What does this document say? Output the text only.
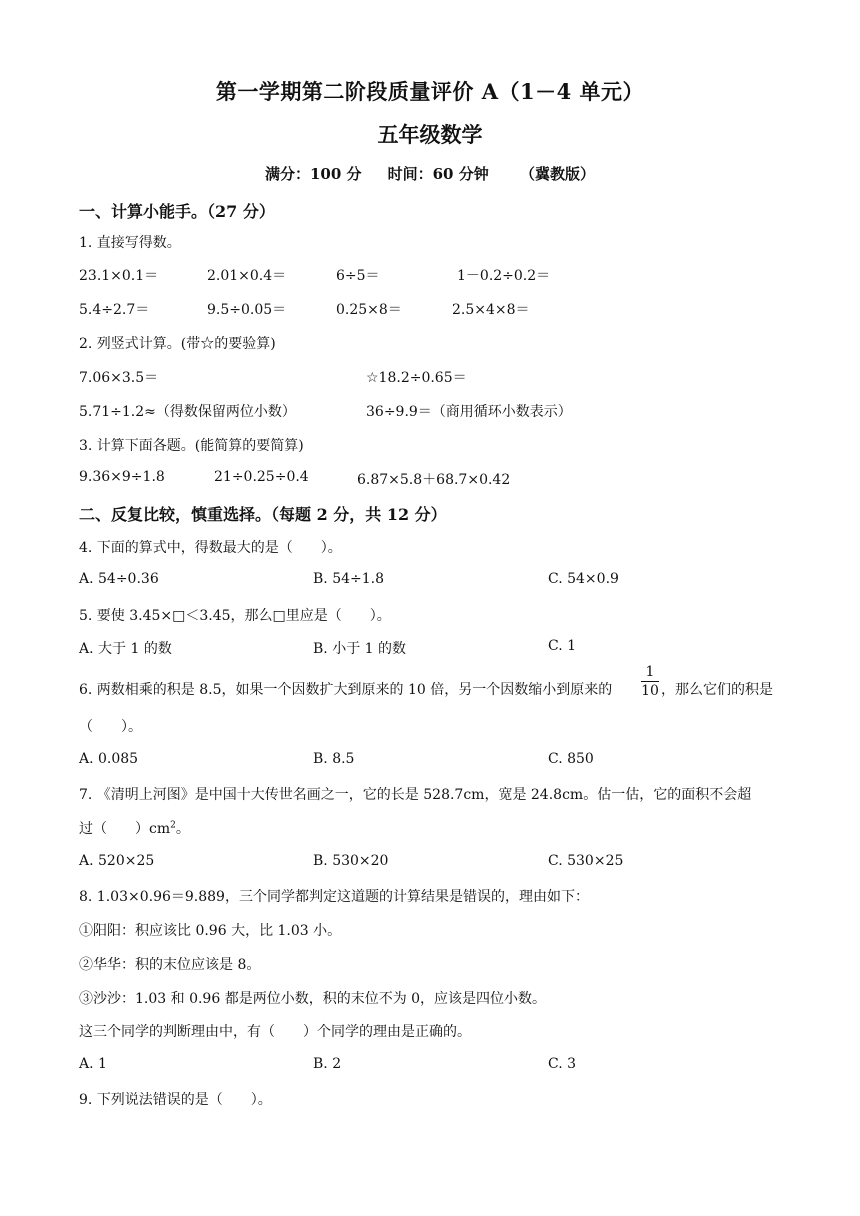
第一学期第二阶段质量评价 A（1－4 单元）
五年级数学
满分：100 分     时间：60 分钟      （冀教版）
一、计算小能手。（27 分）
1. 直接写得数。
23.1×0.1＝	2.01×0.4＝	6÷5＝	1－0.2÷0.2＝
5.4÷2.7＝	9.5÷0.05＝	0.25×8＝	2.5×4×8＝
2. 列竖式计算。(带☆的要验算)
7.06×3.5＝	☆18.2÷0.65＝
5.71÷1.2≈（得数保留两位小数）	36÷9.9＝（商用循环小数表示）
3. 计算下面各题。(能简算的要简算)
9.36×9÷1.8	21÷0.25÷0.4	6.87×5.8＋68.7×0.42
二、反复比较，慎重选择。（每题 2 分，共 12 分）
4. 下面的算式中，得数最大的是（　　）。
A. 54÷0.36	B. 54÷1.8	C. 54×0.9
5. 要使 3.45×□＜3.45，那么□里应是（　　）。
A. 大于 1 的数	B. 小于 1 的数	C. 1
6. 两数相乘的积是 8.5，如果一个因数扩大到原来的 10 倍，另一个因数缩小到原来的
1
10 ，那么它们的积是
（　　）。
A. 0.085	B. 8.5	C. 850
7. 《清明上河图》是中国十大传世名画之一，它的长是 528.7cm，宽是 24.8cm。估一估，它的面积不会超
过（　　）$cm^2$。
A. 520×25	B. 530×20	C. 530×25
8. 1.03×0.96＝9.889，三个同学都判定这道题的计算结果是错误的，理由如下：
①阳阳：积应该比 0.96 大，比 1.03 小。
②华华：积的末位应该是 8。
③沙沙：1.03 和 0.96 都是两位小数，积的末位不为 0，应该是四位小数。
这三个同学的判断理由中，有（　　）个同学的理由是正确的。
A. 1	B. 2	C. 3
9. 下列说法错误的是（　　）。
